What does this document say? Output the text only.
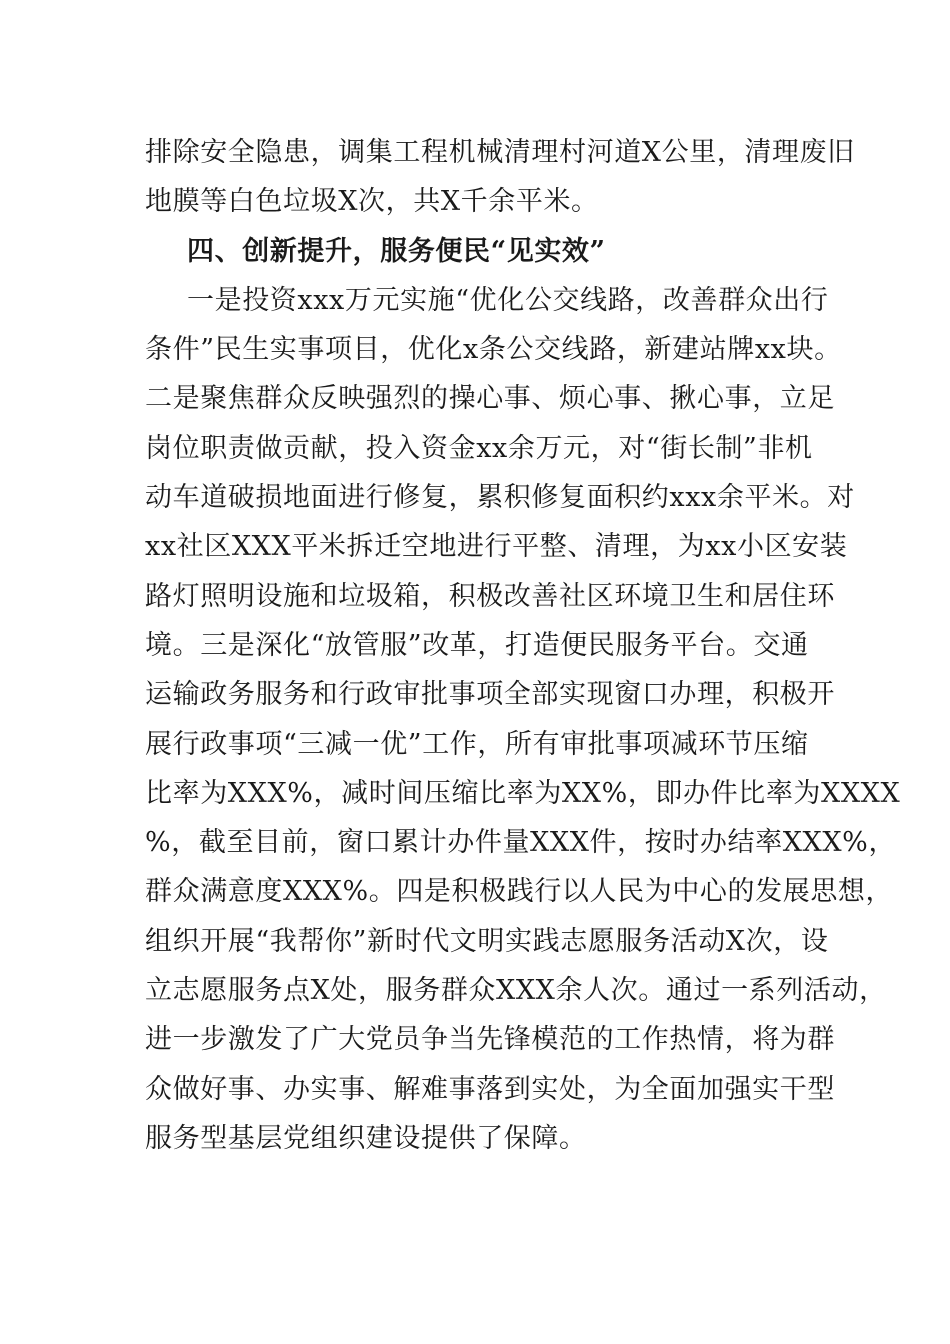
排除安全隐患，调集工程机械清理村河道X公里，清理废旧
地膜等白色垃圾X次，共X千余平米。
四、创新提升，服务便民“见实效”
一是投资xxx万元实施“优化公交线路，改善群众出行
条件”民生实事项目，优化x条公交线路，新建站牌xx块。
二是聚焦群众反映强烈的操心事、烦心事、揪心事，立足
岗位职责做贡献，投入资金xx余万元，对“街长制”非机
动车道破损地面进行修复，累积修复面积约xxx余平米。对
xx社区XXX平米拆迁空地进行平整、清理，为xx小区安装
路灯照明设施和垃圾箱，积极改善社区环境卫生和居住环
境。三是深化“放管服”改革，打造便民服务平台。交通
运输政务服务和行政审批事项全部实现窗口办理，积极开
展行政事项“三减一优”工作，所有审批事项减环节压缩
比率为XXX%，减时间压缩比率为XX%，即办件比率为XXXX
%，截至目前，窗口累计办件量XXX件，按时办结率XXX%，
群众满意度XXX%。四是积极践行以人民为中心的发展思想，
组织开展“我帮你”新时代文明实践志愿服务活动X次，设
立志愿服务点X处，服务群众XXX余人次。通过一系列活动，
进一步激发了广大党员争当先锋模范的工作热情，将为群
众做好事、办实事、解难事落到实处，为全面加强实干型
服务型基层党组织建设提供了保障。
